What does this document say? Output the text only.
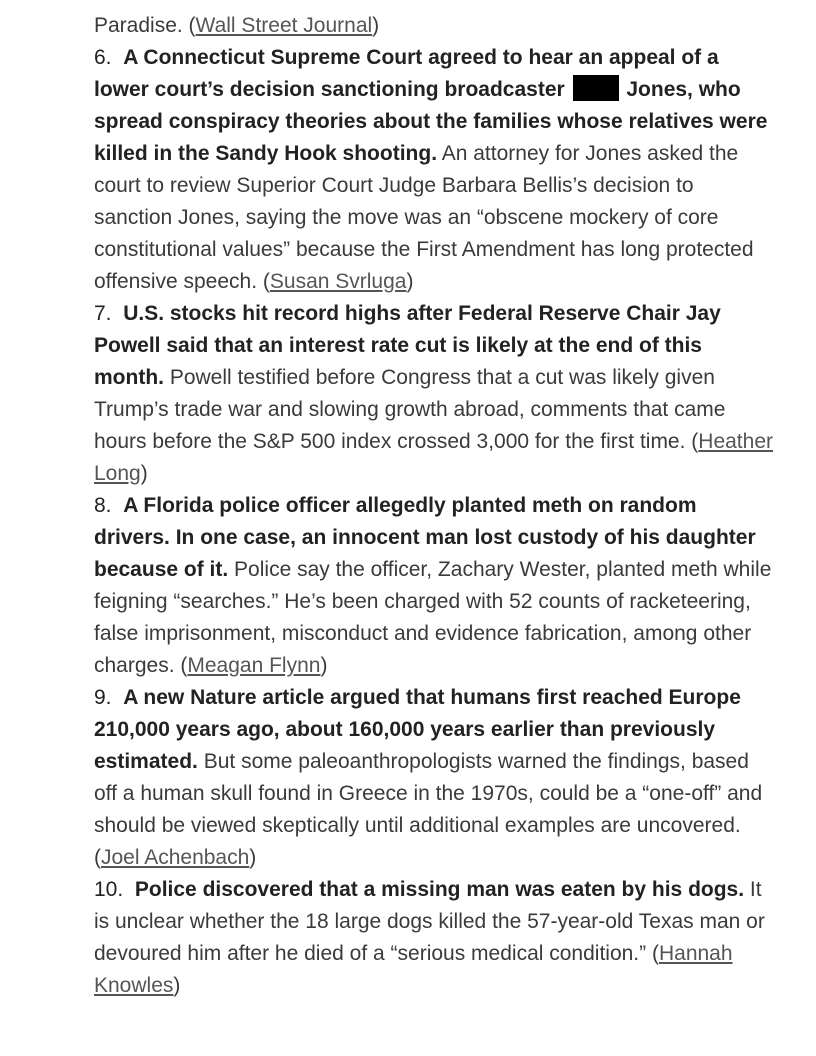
Paradise. (Wall Street Journal)

6. A Connecticut Supreme Court agreed to hear an appeal of a lower court’s decision sanctioning broadcaster	Jones, who spread conspiracy theories about the families whose relatives were killed in the Sandy Hook shooting. An attorney for Jones asked the court to review Superior Court Judge Barbara Bellis’s decision to sanction Jones, saying the move was an “obscene mockery of core constitutional values” because the First Amendment has long protected offensive speech. (Susan Svrluga)

7. U.S. stocks hit record highs after Federal Reserve Chair Jay Powell said that an interest rate cut is likely at the end of this month. Powell testified before Congress that a cut was likely given Trump’s trade war and slowing growth abroad, comments that came hours before the S&P 500 index crossed 3,000 for the first time. (Heather Long)

8. A Florida police officer allegedly planted meth on random drivers. In one case, an innocent man lost custody of his daughter because of it. Police say the officer, Zachary Wester, planted meth while feigning “searches.” He’s been charged with 52 counts of racketeering, false imprisonment, misconduct and evidence fabrication, among other charges. (Meagan Flynn)

9. A new Nature article argued that humans first reached Europe 210,000 years ago, about 160,000 years earlier than previously estimated. But some paleoanthropologists warned the findings, based off a human skull found in Greece in the 1970s, could be a “one-off” and should be viewed skeptically until additional examples are uncovered. (Joel Achenbach)

10. Police discovered that a missing man was eaten by his dogs. It is unclear whether the 18 large dogs killed the 57-year-old Texas man or devoured him after he died of a “serious medical condition.” (Hannah Knowles)
